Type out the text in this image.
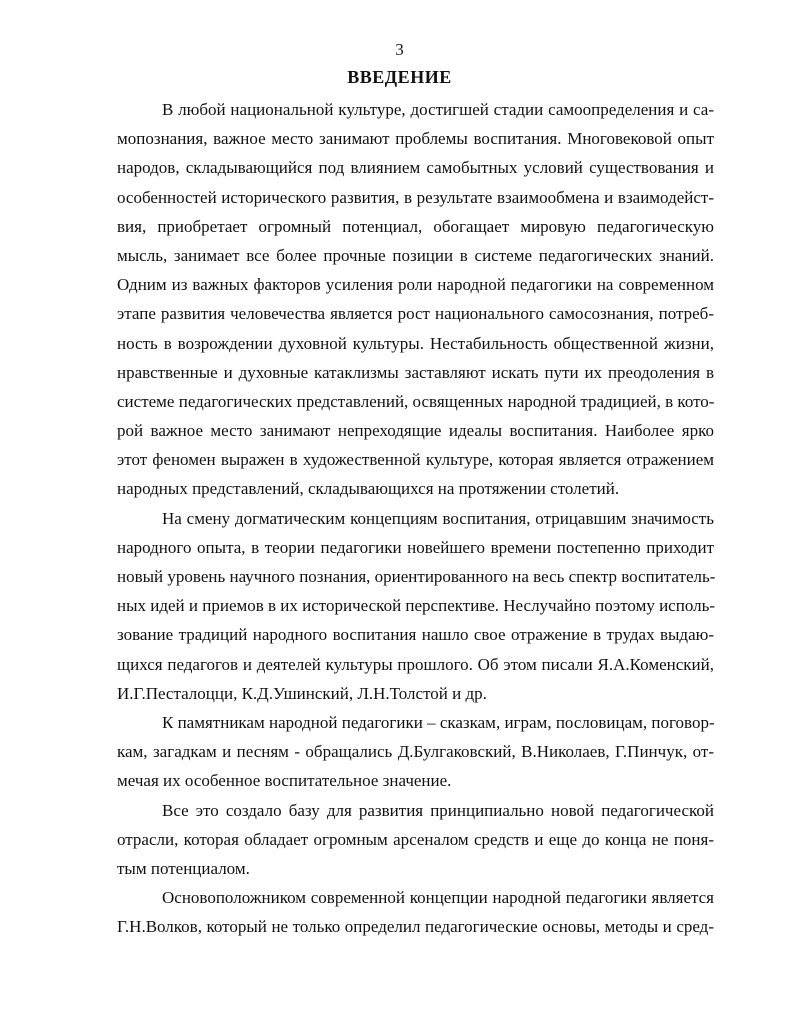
3
ВВЕДЕНИЕ
В любой национальной культуре, достигшей стадии самоопределения и са-
мопознания, важное место занимают проблемы воспитания. Многовековой опыт
народов, складывающийся под влиянием самобытных условий существования и
особенностей исторического развития, в результате взаимообмена и взаимодейст-
вия, приобретает огромный потенциал, обогащает мировую педагогическую
мысль, занимает все более прочные позиции в системе педагогических знаний.
Одним из важных факторов усиления роли народной педагогики на современном
этапе развития человечества является рост национального самосознания, потреб-
ность в возрождении духовной культуры. Нестабильность общественной жизни,
нравственные и духовные катаклизмы заставляют искать пути их преодоления в
системе педагогических представлений, освященных народной традицией, в кото-
рой важное место занимают непреходящие идеалы воспитания. Наиболее ярко
этот феномен выражен в художественной культуре, которая является отражением
народных представлений, складывающихся на протяжении столетий.
На смену догматическим концепциям воспитания, отрицавшим значимость
народного опыта, в теории педагогики новейшего времени постепенно приходит
новый уровень научного познания, ориентированного на весь спектр воспитатель-
ных идей и приемов в их исторической перспективе. Неслучайно поэтому исполь-
зование традиций народного воспитания нашло свое отражение в трудах выдаю-
щихся педагогов и деятелей культуры прошлого. Об этом писали Я.А.Коменский,
И.Г.Песталоцци, К.Д.Ушинский, Л.Н.Толстой и др.
К памятникам народной педагогики – сказкам, играм, пословицам, поговор-
кам, загадкам и песням - обращались Д.Булгаковский, В.Николаев, Г.Пинчук, от-
мечая их особенное воспитательное значение.
Все это создало базу для развития принципиально новой педагогической
отрасли, которая обладает огромным арсеналом средств и еще до конца не поня-
тым потенциалом.
Основоположником современной концепции народной педагогики является
Г.Н.Волков, который не только определил педагогические основы, методы и сред-
